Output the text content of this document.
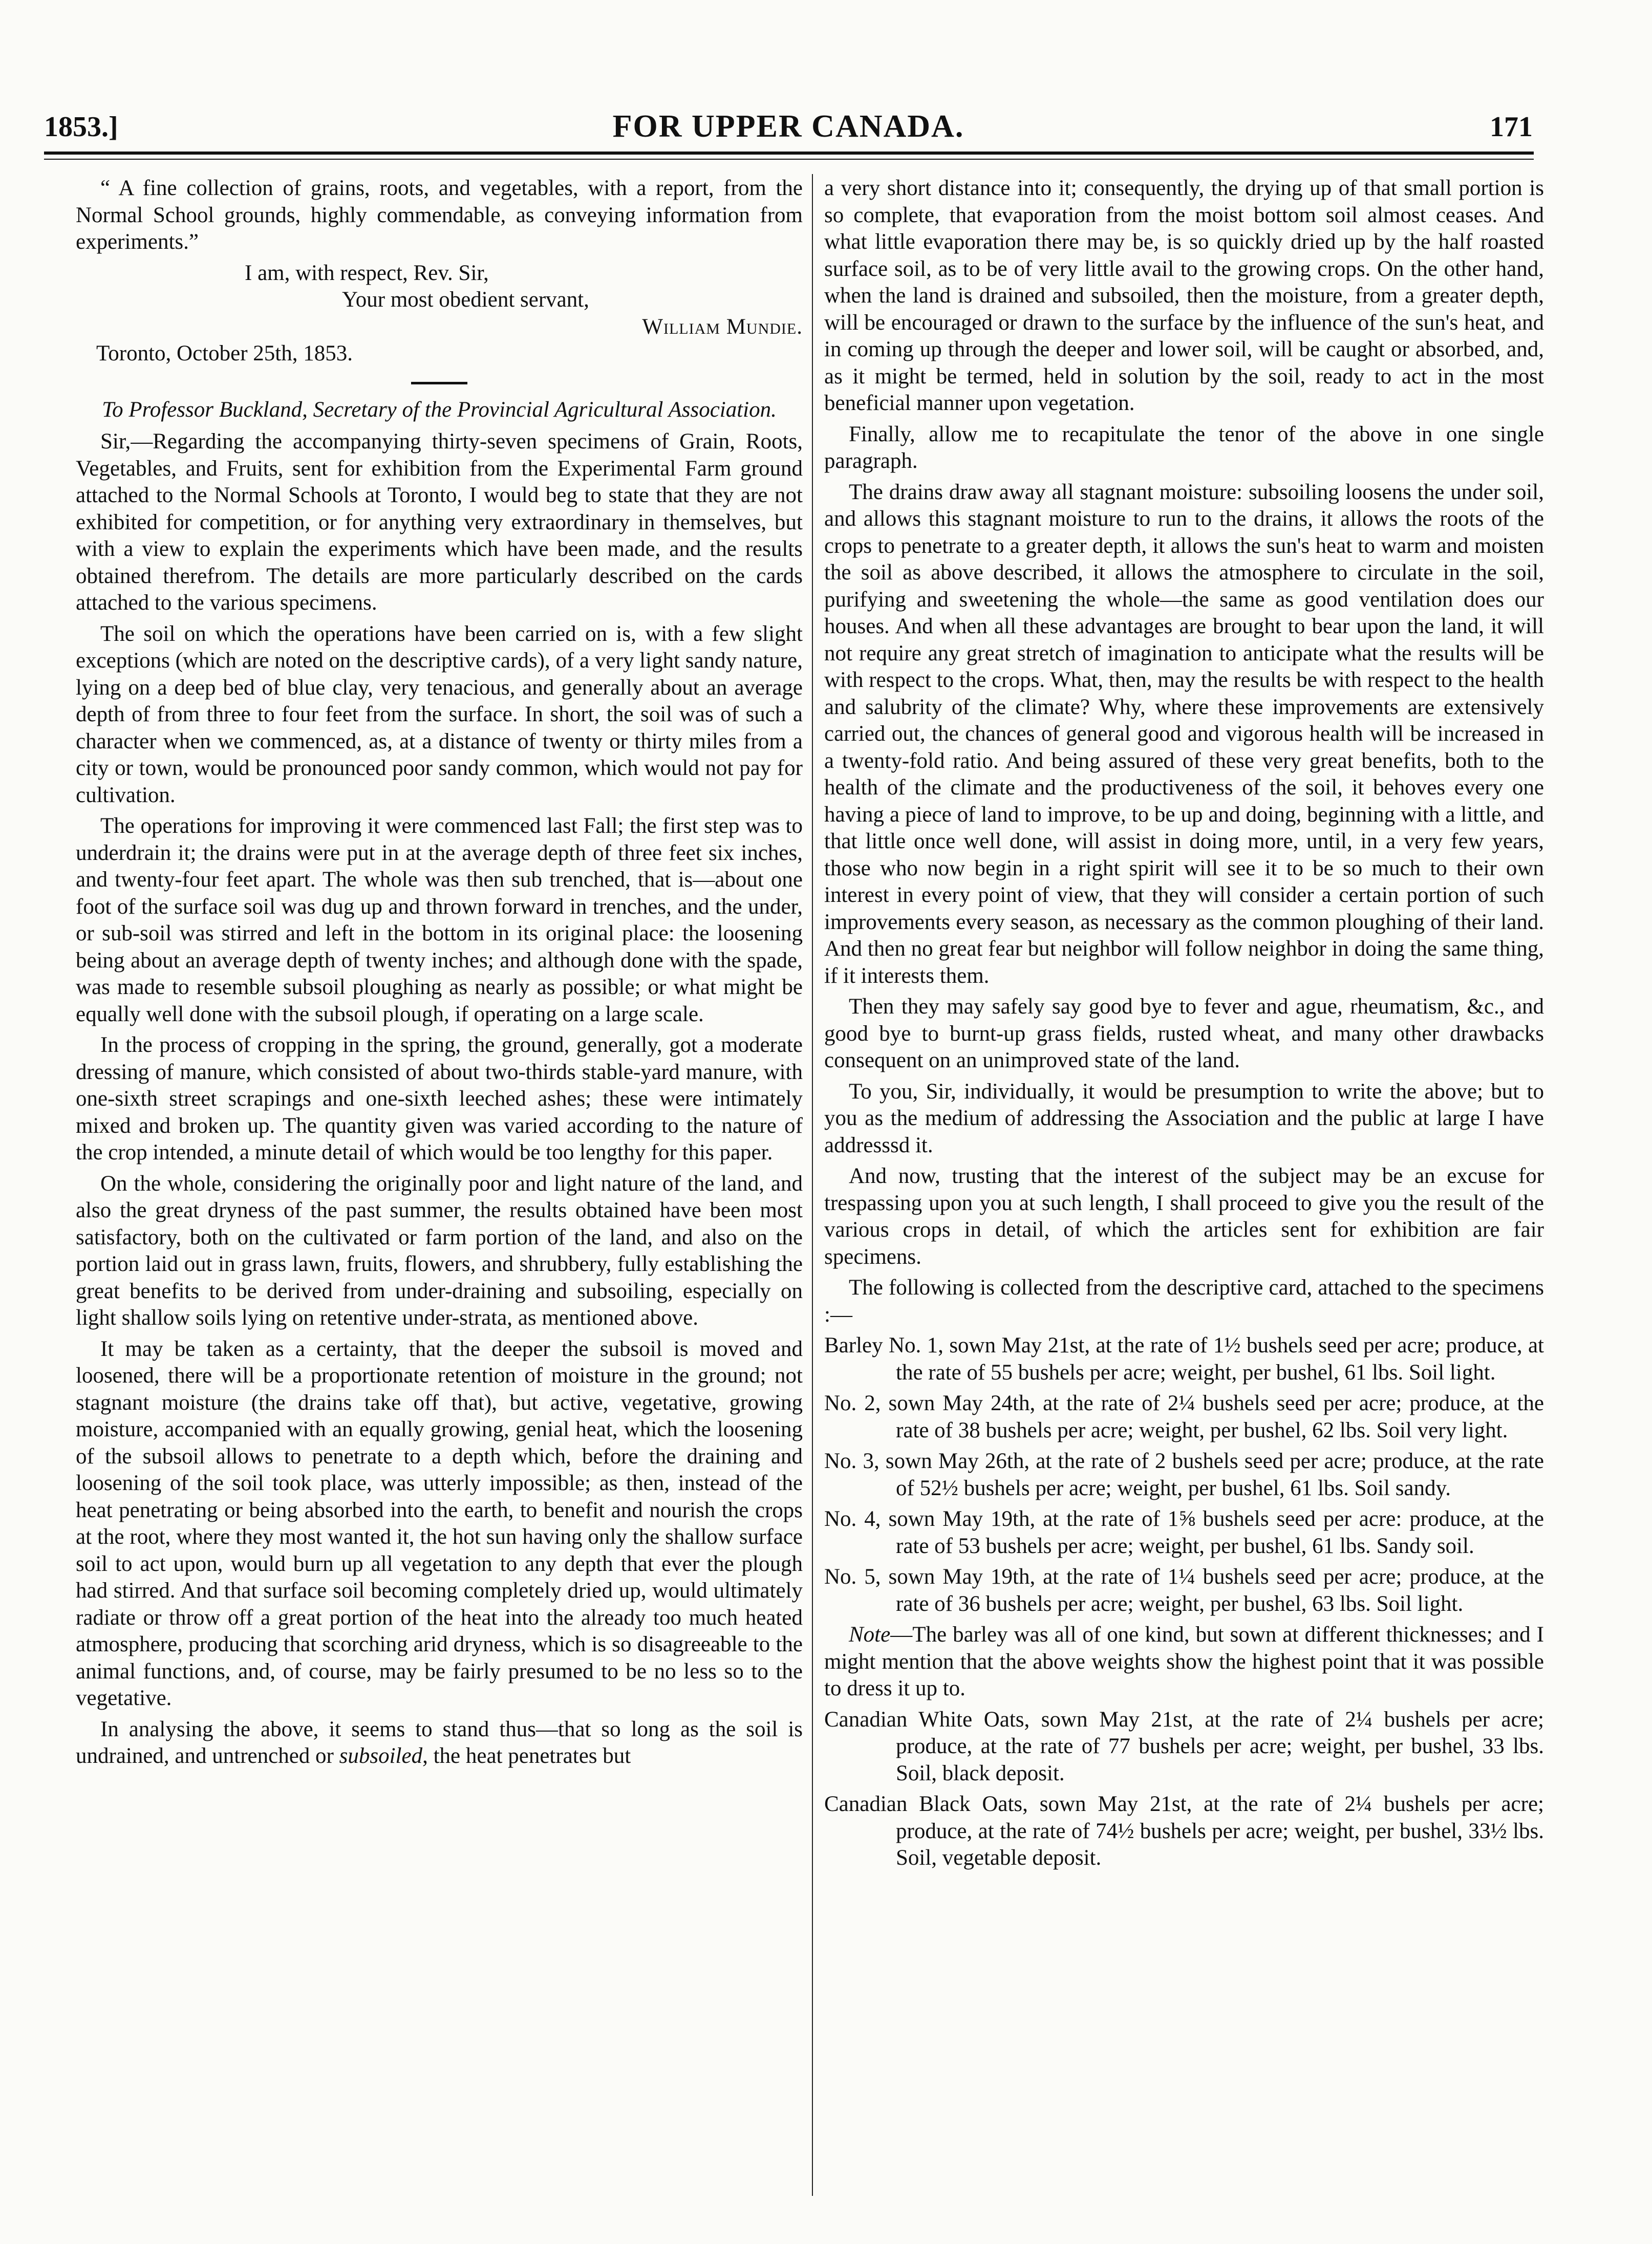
1853.]	FOR UPPER CANADA.	171

“ A fine collection of grains, roots, and vegetables, with a report, from the Normal School grounds, highly commendable, as conveying information from experiments.”

I am, with respect, Rev. Sir,

Your most obedient servant,

William Mundie.

Toronto, October 25th, 1853.

To Professor Buckland, Secretary of the Provincial Agricultural Association.

Sir,—Regarding the accompanying thirty-seven specimens of Grain, Roots, Vegetables, and Fruits, sent for exhibition from the Experimental Farm ground attached to the Normal Schools at Toronto, I would beg to state that they are not exhibited for competition, or for anything very extraordinary in themselves, but with a view to explain the experiments which have been made, and the results obtained therefrom. The details are more particularly described on the cards attached to the various specimens.

The soil on which the operations have been carried on is, with a few slight exceptions (which are noted on the descriptive cards), of a very light sandy nature, lying on a deep bed of blue clay, very tenacious, and generally about an average depth of from three to four feet from the surface. In short, the soil was of such a character when we commenced, as, at a distance of twenty or thirty miles from a city or town, would be pronounced poor sandy common, which would not pay for cultivation.

The operations for improving it were commenced last Fall; the first step was to underdrain it; the drains were put in at the average depth of three feet six inches, and twenty-four feet apart. The whole was then sub trenched, that is—about one foot of the surface soil was dug up and thrown forward in trenches, and the under, or sub-soil was stirred and left in the bottom in its original place: the loosening being about an average depth of twenty inches; and although done with the spade, was made to resemble subsoil ploughing as nearly as possible; or what might be equally well done with the subsoil plough, if operating on a large scale.

In the process of cropping in the spring, the ground, generally, got a moderate dressing of manure, which consisted of about two-thirds stable-yard manure, with one-sixth street scrapings and one-sixth leeched ashes; these were intimately mixed and broken up. The quantity given was varied according to the nature of the crop intended, a minute detail of which would be too lengthy for this paper.

On the whole, considering the originally poor and light nature of the land, and also the great dryness of the past summer, the results obtained have been most satisfactory, both on the cultivated or farm portion of the land, and also on the portion laid out in grass lawn, fruits, flowers, and shrubbery, fully establishing the great benefits to be derived from under-draining and subsoiling, especially on light shallow soils lying on retentive under-strata, as mentioned above.

It may be taken as a certainty, that the deeper the subsoil is moved and loosened, there will be a proportionate retention of moisture in the ground; not stagnant moisture (the drains take off that), but active, vegetative, growing moisture, accompanied with an equally growing, genial heat, which the loosening of the subsoil allows to penetrate to a depth which, before the draining and loosening of the soil took place, was utterly impossible; as then, instead of the heat penetrating or being absorbed into the earth, to benefit and nourish the crops at the root, where they most wanted it, the hot sun having only the shallow surface soil to act upon, would burn up all vegetation to any depth that ever the plough had stirred. And that surface soil becoming completely dried up, would ultimately radiate or throw off a great portion of the heat into the already too much heated atmosphere, producing that scorching arid dryness, which is so disagreeable to the animal functions, and, of course, may be fairly presumed to be no less so to the vegetative.

In analysing the above, it seems to stand thus—that so long as the soil is undrained, and untrenched or subsoiled, the heat penetrates but

a very short distance into it; consequently, the drying up of that small portion is so complete, that evaporation from the moist bottom soil almost ceases. And what little evaporation there may be, is so quickly dried up by the half roasted surface soil, as to be of very little avail to the growing crops. On the other hand, when the land is drained and subsoiled, then the moisture, from a greater depth, will be encouraged or drawn to the surface by the influence of the sun's heat, and in coming up through the deeper and lower soil, will be caught or absorbed, and, as it might be termed, held in solution by the soil, ready to act in the most beneficial manner upon vegetation.

Finally, allow me to recapitulate the tenor of the above in one single paragraph.

The drains draw away all stagnant moisture: subsoiling loosens the under soil, and allows this stagnant moisture to run to the drains, it allows the roots of the crops to penetrate to a greater depth, it allows the sun's heat to warm and moisten the soil as above described, it allows the atmosphere to circulate in the soil, purifying and sweetening the whole—the same as good ventilation does our houses. And when all these advantages are brought to bear upon the land, it will not require any great stretch of imagination to anticipate what the results will be with respect to the crops. What, then, may the results be with respect to the health and salubrity of the climate? Why, where these improvements are extensively carried out, the chances of general good and vigorous health will be increased in a twenty-fold ratio. And being assured of these very great benefits, both to the health of the climate and the productiveness of the soil, it behoves every one having a piece of land to improve, to be up and doing, beginning with a little, and that little once well done, will assist in doing more, until, in a very few years, those who now begin in a right spirit will see it to be so much to their own interest in every point of view, that they will consider a certain portion of such improvements every season, as necessary as the common ploughing of their land. And then no great fear but neighbor will follow neighbor in doing the same thing, if it interests them.

Then they may safely say good bye to fever and ague, rheumatism, &c., and good bye to burnt-up grass fields, rusted wheat, and many other drawbacks consequent on an unimproved state of the land.

To you, Sir, individually, it would be presumption to write the above; but to you as the medium of addressing the Association and the public at large I have addresssd it.

And now, trusting that the interest of the subject may be an excuse for trespassing upon you at such length, I shall proceed to give you the result of the various crops in detail, of which the articles sent for exhibition are fair specimens.

The following is collected from the descriptive card, attached to the specimens :—

Barley No. 1, sown May 21st, at the rate of 1½ bushels seed per acre; produce, at the rate of 55 bushels per acre; weight, per bushel, 61 lbs. Soil light.

No. 2, sown May 24th, at the rate of 2¼ bushels seed per acre; produce, at the rate of 38 bushels per acre; weight, per bushel, 62 lbs. Soil very light.

No. 3, sown May 26th, at the rate of 2 bushels seed per acre; produce, at the rate of 52½ bushels per acre; weight, per bushel, 61 lbs. Soil sandy.

No. 4, sown May 19th, at the rate of 1⅝ bushels seed per acre: produce, at the rate of 53 bushels per acre; weight, per bushel, 61 lbs. Sandy soil.

No. 5, sown May 19th, at the rate of 1¼ bushels seed per acre; produce, at the rate of 36 bushels per acre; weight, per bushel, 63 lbs. Soil light.

Note—The barley was all of one kind, but sown at different thicknesses; and I might mention that the above weights show the highest point that it was possible to dress it up to.

Canadian White Oats, sown May 21st, at the rate of 2¼ bushels per acre; produce, at the rate of 77 bushels per acre; weight, per bushel, 33 lbs. Soil, black deposit.

Canadian Black Oats, sown May 21st, at the rate of 2¼ bushels per acre; produce, at the rate of 74½ bushels per acre; weight, per bushel, 33½ lbs. Soil, vegetable deposit.
